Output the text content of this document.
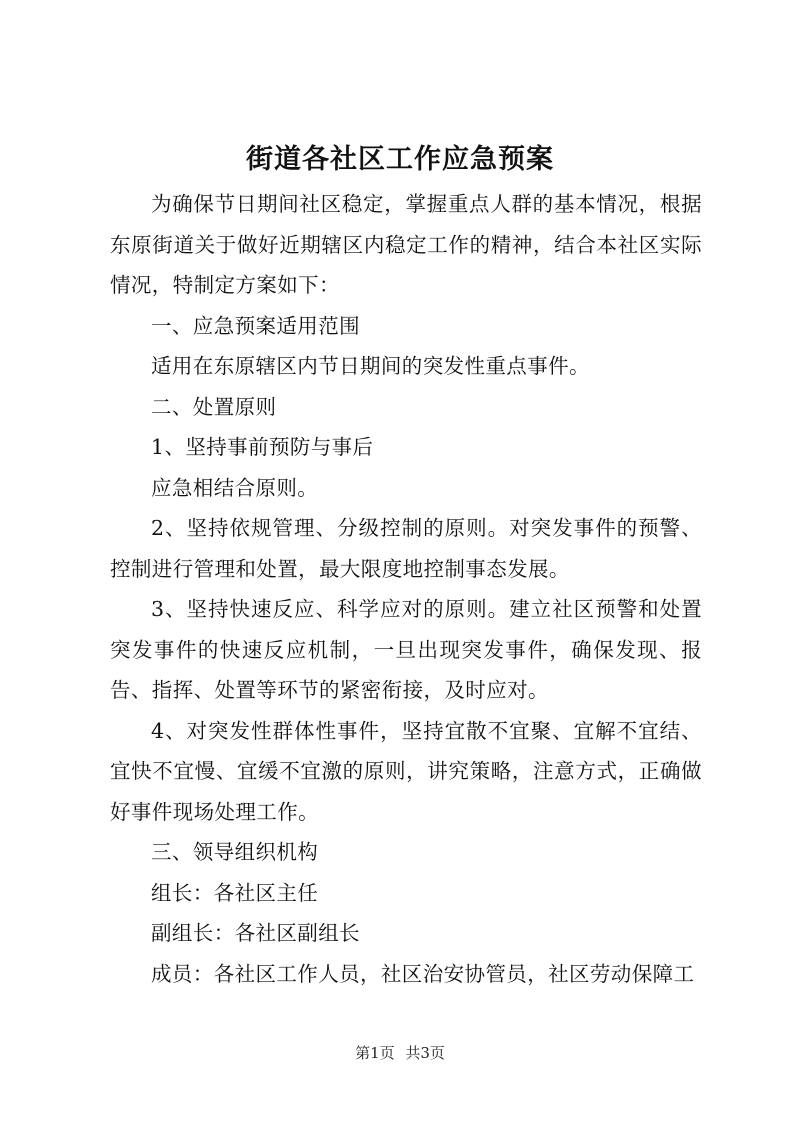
街道各社区工作应急预案

为确保节日期间社区稳定，掌握重点人群的基本情况，根据东原街道关于做好近期辖区内稳定工作的精神，结合本社区实际情况，特制定方案如下：

一、应急预案适用范围

适用在东原辖区内节日期间的突发性重点事件。

二、处置原则

1、坚持事前预防与事后

应急相结合原则。

2、坚持依规管理、分级控制的原则。对突发事件的预警、控制进行管理和处置，最大限度地控制事态发展。

3、坚持快速反应、科学应对的原则。建立社区预警和处置突发事件的快速反应机制，一旦出现突发事件，确保发现、报告、指挥、处置等环节的紧密衔接，及时应对。

4、对突发性群体性事件，坚持宜散不宜聚、宜解不宜结、宜快不宜慢、宜缓不宜激的原则，讲究策略，注意方式，正确做好事件现场处理工作。

三、领导组织机构

组长：各社区主任

副组长：各社区副组长

成员：各社区工作人员，社区治安协管员，社区劳动保障工

第1页 共3页
